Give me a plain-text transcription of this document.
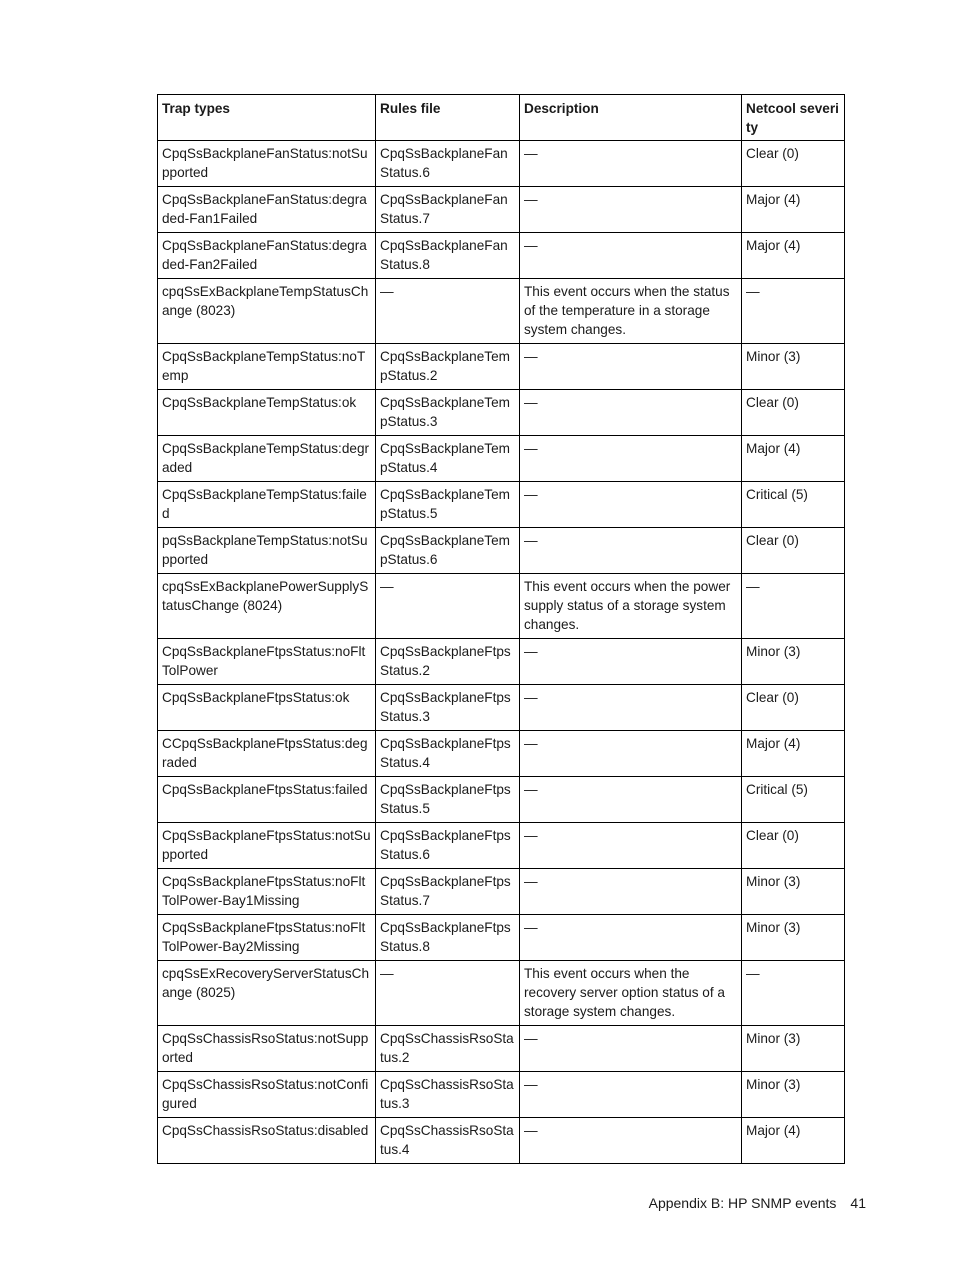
Trap types	Rules file	Description	Netcool severity
CpqSsBackplaneFanStatus:notSupported	CpqSsBackplaneFanStatus.6	—	Clear (0)
CpqSsBackplaneFanStatus:degraded-Fan1Failed	CpqSsBackplaneFanStatus.7	—	Major (4)
CpqSsBackplaneFanStatus:degraded-Fan2Failed	CpqSsBackplaneFanStatus.8	—	Major (4)
cpqSsExBackplaneTempStatusChange (8023)	—	This event occurs when the status of the temperature in a storage system changes.	—
CpqSsBackplaneTempStatus:noTemp	CpqSsBackplaneTempStatus.2	—	Minor (3)
CpqSsBackplaneTempStatus:ok	CpqSsBackplaneTempStatus.3	—	Clear (0)
CpqSsBackplaneTempStatus:degraded	CpqSsBackplaneTempStatus.4	—	Major (4)
CpqSsBackplaneTempStatus:failed	CpqSsBackplaneTempStatus.5	—	Critical (5)
pqSsBackplaneTempStatus:notSupported	CpqSsBackplaneTempStatus.6	—	Clear (0)
cpqSsExBackplanePowerSupplyStatusChange (8024)	—	This event occurs when the power supply status of a storage system changes.	—
CpqSsBackplaneFtpsStatus:noFltTolPower	CpqSsBackplaneFtpsStatus.2	—	Minor (3)
CpqSsBackplaneFtpsStatus:ok	CpqSsBackplaneFtpsStatus.3	—	Clear (0)
CCpqSsBackplaneFtpsStatus:degraded	CpqSsBackplaneFtpsStatus.4	—	Major (4)
CpqSsBackplaneFtpsStatus:failed	CpqSsBackplaneFtpsStatus.5	—	Critical (5)
CpqSsBackplaneFtpsStatus:notSupported	CpqSsBackplaneFtpsStatus.6	—	Clear (0)
CpqSsBackplaneFtpsStatus:noFltTolPower-Bay1Missing	CpqSsBackplaneFtpsStatus.7	—	Minor (3)
CpqSsBackplaneFtpsStatus:noFltTolPower-Bay2Missing	CpqSsBackplaneFtpsStatus.8	—	Minor (3)
cpqSsExRecoveryServerStatusChange (8025)	—	This event occurs when the recovery server option status of a storage system changes.	—
CpqSsChassisRsoStatus:notSupported	CpqSsChassisRsoStatus.2	—	Minor (3)
CpqSsChassisRsoStatus:notConfigured	CpqSsChassisRsoStatus.3	—	Minor (3)
CpqSsChassisRsoStatus:disabled	CpqSsChassisRsoStatus.4	—	Major (4)
Appendix B: HP SNMP events 41
